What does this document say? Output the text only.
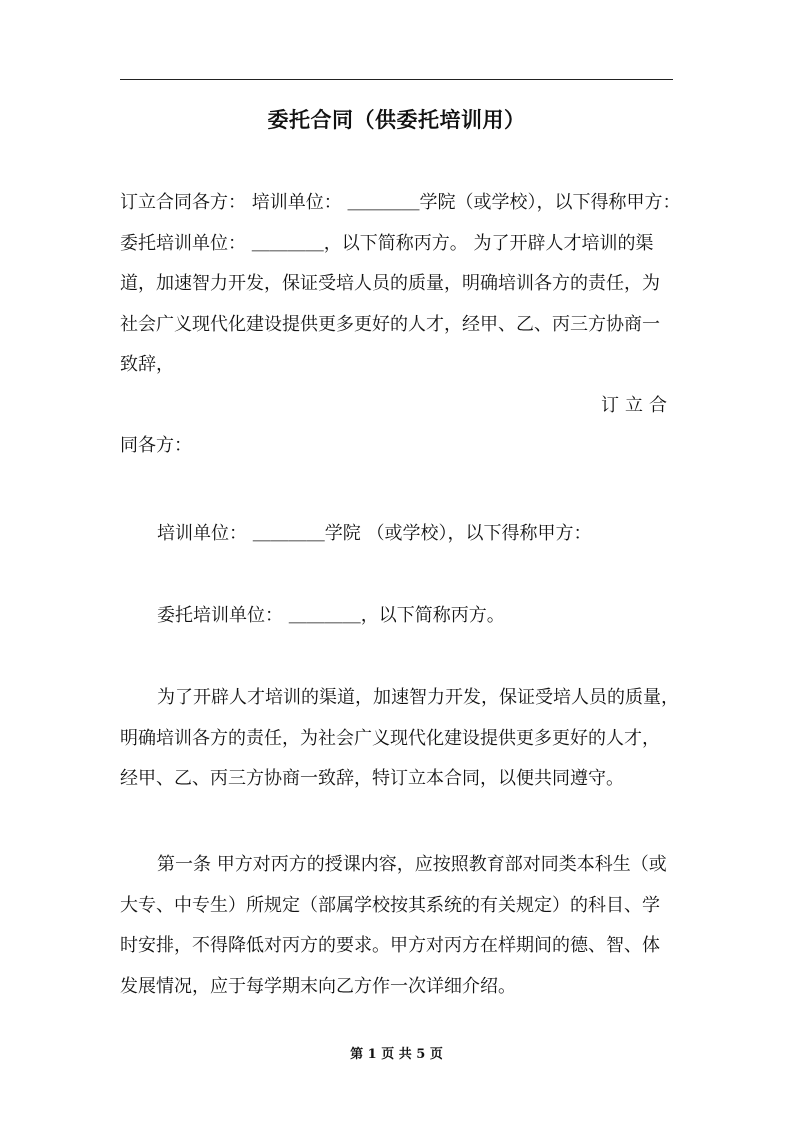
委托合同（供委托培训用）
订立合同各方： 培训单位： ＿＿＿＿学院（或学校），以下得称甲方：
委托培训单位： ＿＿＿＿，以下简称丙方。 为了开辟人才培训的渠
道，加速智力开发，保证受培人员的质量，明确培训各方的责任，为
社会广义现代化建设提供更多更好的人才，经甲、乙、丙三方协商一
致辞，
订立合
同各方：
培训单位： ＿＿＿＿学院 （或学校），以下得称甲方：
委托培训单位： ＿＿＿＿，以下简称丙方。
为了开辟人才培训的渠道，加速智力开发，保证受培人员的质量，
明确培训各方的责任，为社会广义现代化建设提供更多更好的人才，
经甲、乙、丙三方协商一致辞，特订立本合同，以便共同遵守。
第一条 甲方对丙方的授课内容，应按照教育部对同类本科生（或
大专、中专生）所规定（部属学校按其系统的有关规定）的科目、学
时安排，不得降低对丙方的要求。甲方对丙方在样期间的德、智、体
发展情况，应于每学期末向乙方作一次详细介绍。
第 1 页 共 5 页
